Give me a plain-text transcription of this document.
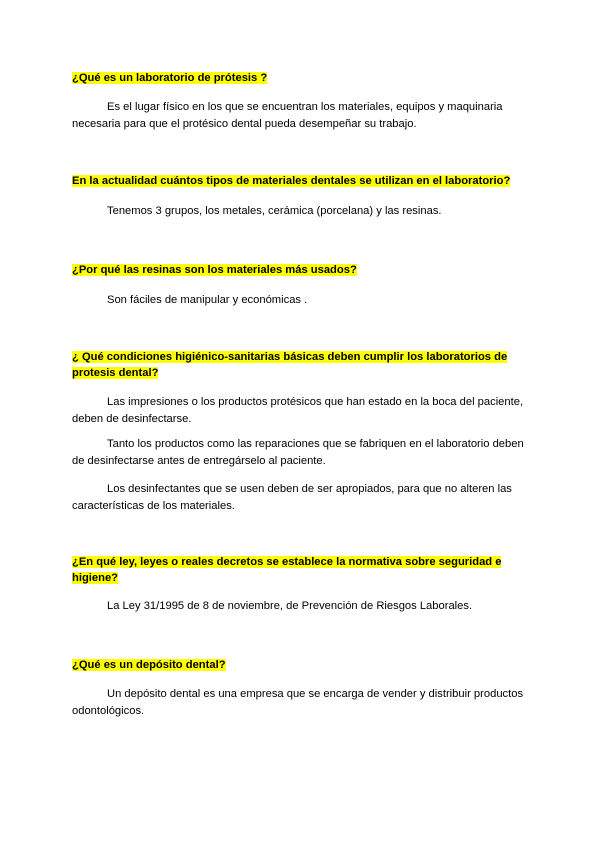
¿Qué es un laboratorio de prótesis ?

Es el lugar físico en los que se encuentran los materiales, equipos y maquinaria necesaria para que el protésico dental pueda desempeñar su trabajo.

En la actualidad cuántos tipos de materiales dentales se utilizan en el laboratorio?

Tenemos 3 grupos, los metales, cerámica (porcelana) y las resinas.

¿Por qué las resinas son los materiales más usados?

Son fáciles de manipular y económicas .

¿ Qué condiciones higiénico-sanitarias básicas deben cumplir los laboratorios de protesis dental?

Las impresiones o los productos protésicos que han estado en la boca del paciente, deben de desinfectarse.

Tanto los productos como las reparaciones que se fabriquen en el laboratorio deben de desinfectarse antes de entregárselo al paciente.

Los desinfectantes que se usen deben de ser apropiados, para que no alteren las características de los materiales.

¿En qué ley, leyes o reales decretos se establece la normativa sobre seguridad e higiene?

La Ley 31/1995 de 8 de noviembre, de Prevención de Riesgos Laborales.

¿Qué es un depósito dental?

Un depósito dental es una empresa que se encarga de vender y distribuir productos odontológicos.
